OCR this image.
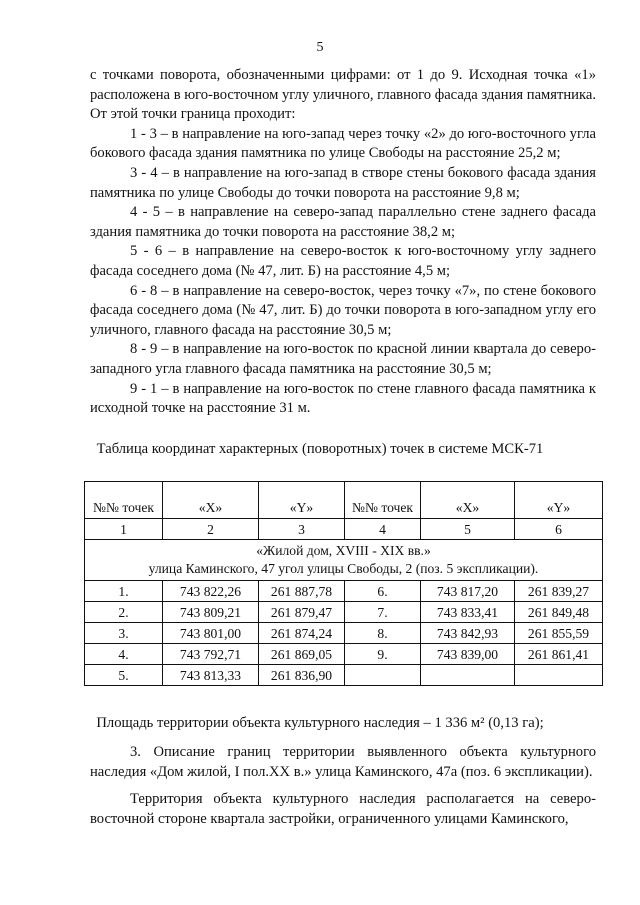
5

с точками поворота, обозначенными цифрами: от 1 до 9. Исходная точка «1» расположена в юго-восточном углу уличного, главного фасада здания памятника. От этой точки граница проходит:

1 - 3 – в направление на юго-запад через точку «2» до юго-восточного угла бокового фасада здания памятника по улице Свободы на расстояние 25,2 м;

3 - 4 – в направление на юго-запад в створе стены бокового фасада здания памятника по улице Свободы до точки поворота на расстояние 9,8 м;

4 - 5 – в направление на северо-запад параллельно стене заднего фасада здания памятника до точки поворота на расстояние 38,2 м;

5 - 6 – в направление на северо-восток к юго-восточному углу заднего фасада соседнего дома (№ 47, лит. Б) на расстояние 4,5 м;

6 - 8 – в направление на северо-восток, через точку «7», по стене бокового фасада соседнего дома (№ 47, лит. Б) до точки поворота в юго-западном углу его уличного, главного фасада на расстояние 30,5 м;

8 - 9 – в направление на юго-восток по красной линии квартала до северо-западного угла главного фасада памятника на расстояние 30,5 м;

9 - 1 – в направление на юго-восток по стене главного фасада памятника к исходной точке на расстояние 31 м.

Таблица координат характерных (поворотных) точек в системе МСК-71
№№ точек	«X»	«Y»	№№ точек	«X»	«Y»
1	2	3	4	5	6

«Жилой дом, XVIII - XIX вв.»
улица Каминского, 47 угол улицы Свободы, 2 (поз. 5 экспликации).					

1.	743 822,26	261 887,78	6.	743 817,20	261 839,27
2.	743 809,21	261 879,47	7.	743 833,41	261 849,48
3.	743 801,00	261 874,24	8.	743 842,93	261 855,59
4.	743 792,71	261 869,05	9.	743 839,00	261 861,41
5.	743 813,33	261 836,90			
Площадь территории объекта культурного наследия – 1 336 м² (0,13 га);

3. Описание границ территории выявленного объекта культурного наследия «Дом жилой, I пол.XX в.» улица Каминского, 47а (поз. 6 экспликации).

Территория объекта культурного наследия располагается на северо-восточной стороне квартала застройки, ограниченного улицами Каминского,
